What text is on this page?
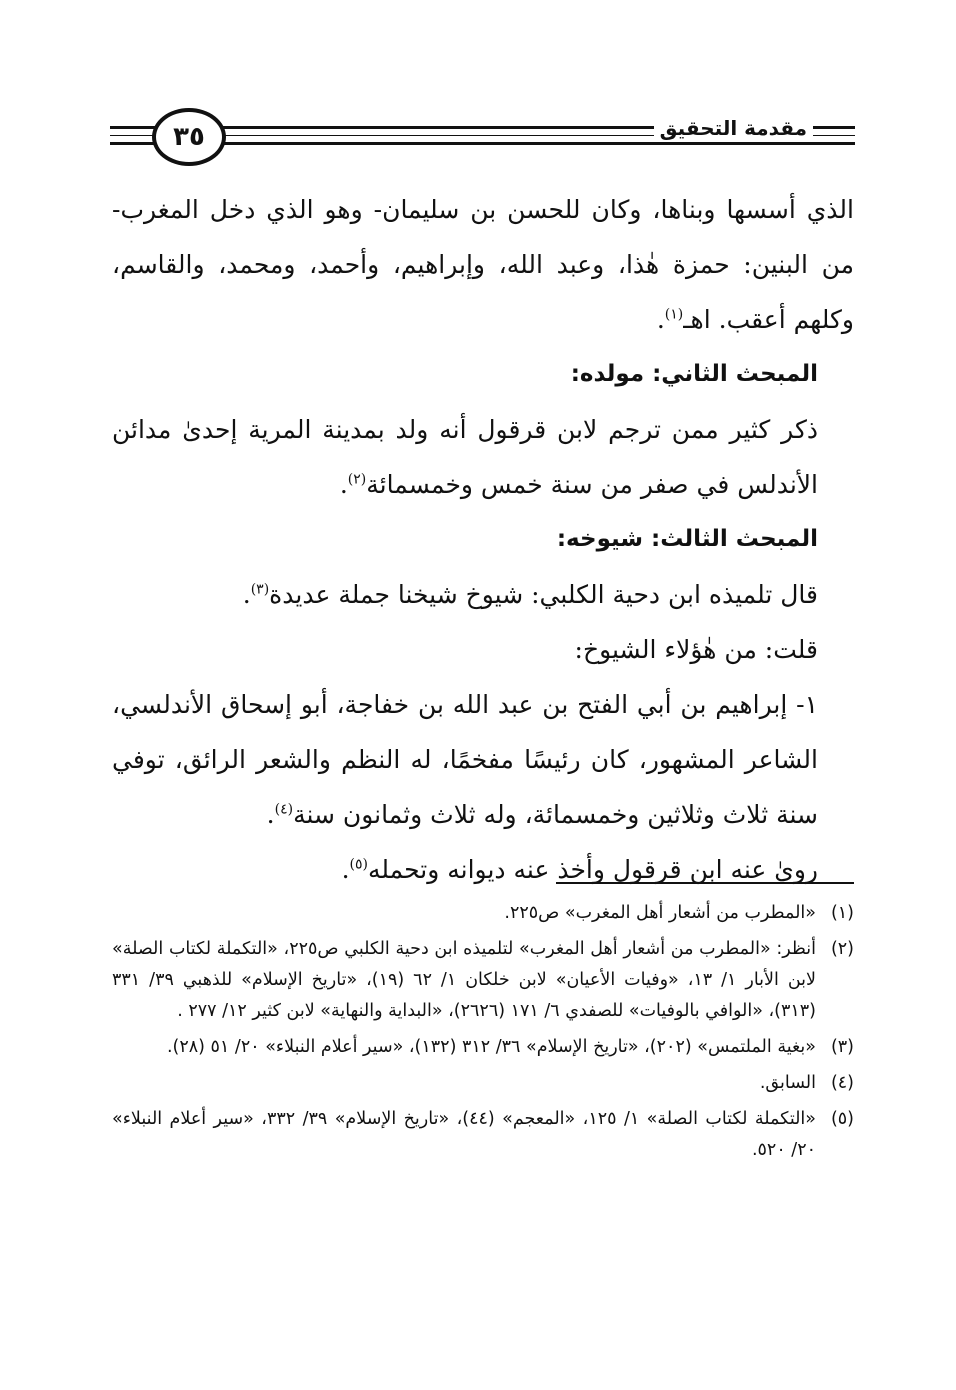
٣٥	مقدمة التحقيق

الذي أسسها وبناها، وكان للحسن بن سليمان- وهو الذي دخل المغرب- من البنين: حمزة هٰذا، وعبد الله، وإبراهيم، وأحمد، ومحمد، والقاسم، وكلهم أعقب. اهـ$^{(١)}$.

المبحث الثاني: مولده:

ذكر كثير ممن ترجم لابن قرقول أنه ولد بمدينة المرية إحدىٰ مدائن الأندلس في صفر من سنة خمس وخمسمائة$^{(٢)}$.

المبحث الثالث: شيوخه:

قال تلميذه ابن دحية الكلبي: شيوخ شيخنا جملة عديدة$^{(٣)}$.

قلت: من هٰؤلاء الشيوخ:

١- إبراهيم بن أبي الفتح بن عبد الله بن خفاجة، أبو إسحاق الأندلسي، الشاعر المشهور، كان رئيسًا مفخمًا، له النظم والشعر الرائق، توفي سنة ثلاث وثلاثين وخمسمائة، وله ثلاث وثمانون سنة$^{(٤)}$.

روىٰ عنه ابن قرقول وأخذ عنه ديوانه وتحمله$^{(٥)}$.

(١)
«المطرب من أشعار أهل المغرب» ص٢٢٥.
(٢)
أنظر: «المطرب من أشعار أهل المغرب» لتلميذه ابن دحية الكلبي ص٢٢٥، «التكملة لكتاب الصلة» لابن الأبار ١/ ١٣، «وفيات الأعيان» لابن خلكان ١/ ٦٢ (١٩)، «تاريخ الإسلام» للذهبي ٣٩/ ٣٣١ (٣١٣)، «الوافي بالوفيات» للصفدي ٦/ ١٧١ (٢٦٢٦)، «البداية والنهاية» لابن كثير ١٢/ ٢٧٧ .
(٣)
«بغية الملتمس» (٢٠٢)، «تاريخ الإسلام» ٣٦/ ٣١٢ (١٣٢)، «سير أعلام النبلاء» ٢٠/ ٥١ (٢٨).
(٤)
السابق.
(٥)
«التكملة لكتاب الصلة» ١/ ١٢٥، «المعجم» (٤٤)، «تاريخ الإسلام» ٣٩/ ٣٣٢، «سير أعلام النبلاء» ٢٠/ ٥٢٠.
